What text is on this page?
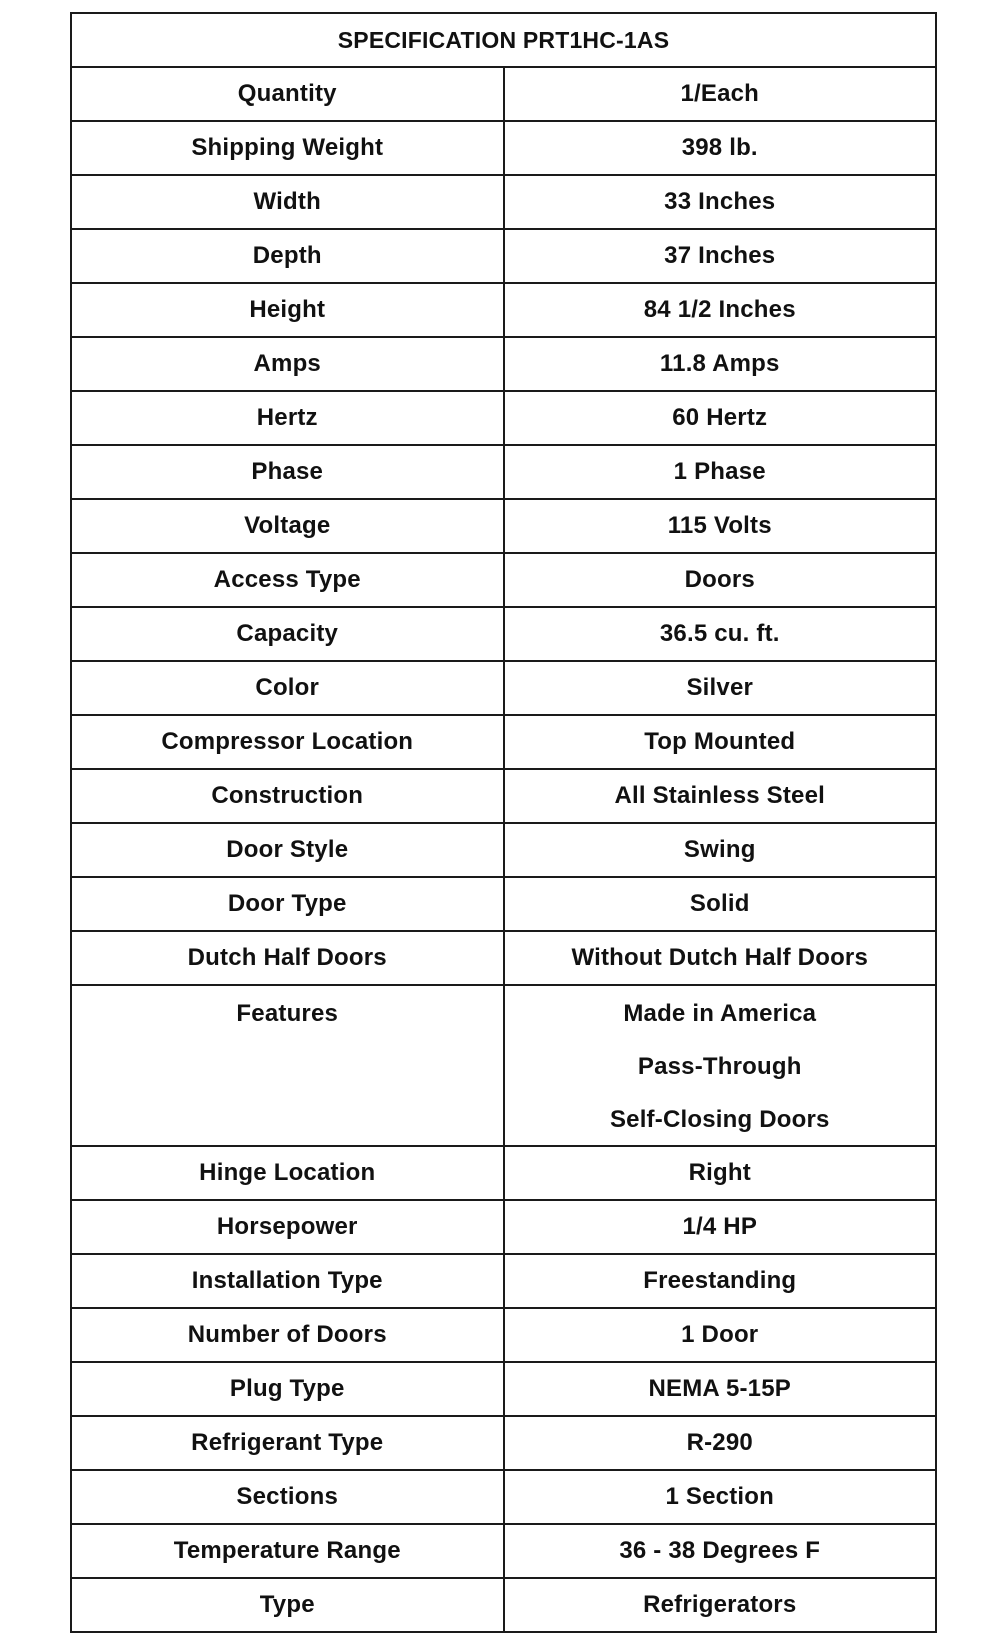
SPECIFICATION PRT1HC-1AS	
Quantity	1/Each
Shipping Weight	398 lb.
Width	33 Inches
Depth	37 Inches
Height	84 1/2 Inches
Amps	11.8 Amps
Hertz	60 Hertz
Phase	1 Phase
Voltage	115 Volts
Access Type	Doors
Capacity	36.5 cu. ft.
Color	Silver
Compressor Location	Top Mounted
Construction	All Stainless Steel
Door Style	Swing
Door Type	Solid
Dutch Half Doors	Without Dutch Half Doors

Features	Made in America
Pass-Through
Self-Closing Doors

Hinge Location	Right
Horsepower	1/4 HP
Installation Type	Freestanding
Number of Doors	1 Door
Plug Type	NEMA 5-15P
Refrigerant Type	R-290
Sections	1 Section
Temperature Range	36 - 38 Degrees F
Type	Refrigerators
